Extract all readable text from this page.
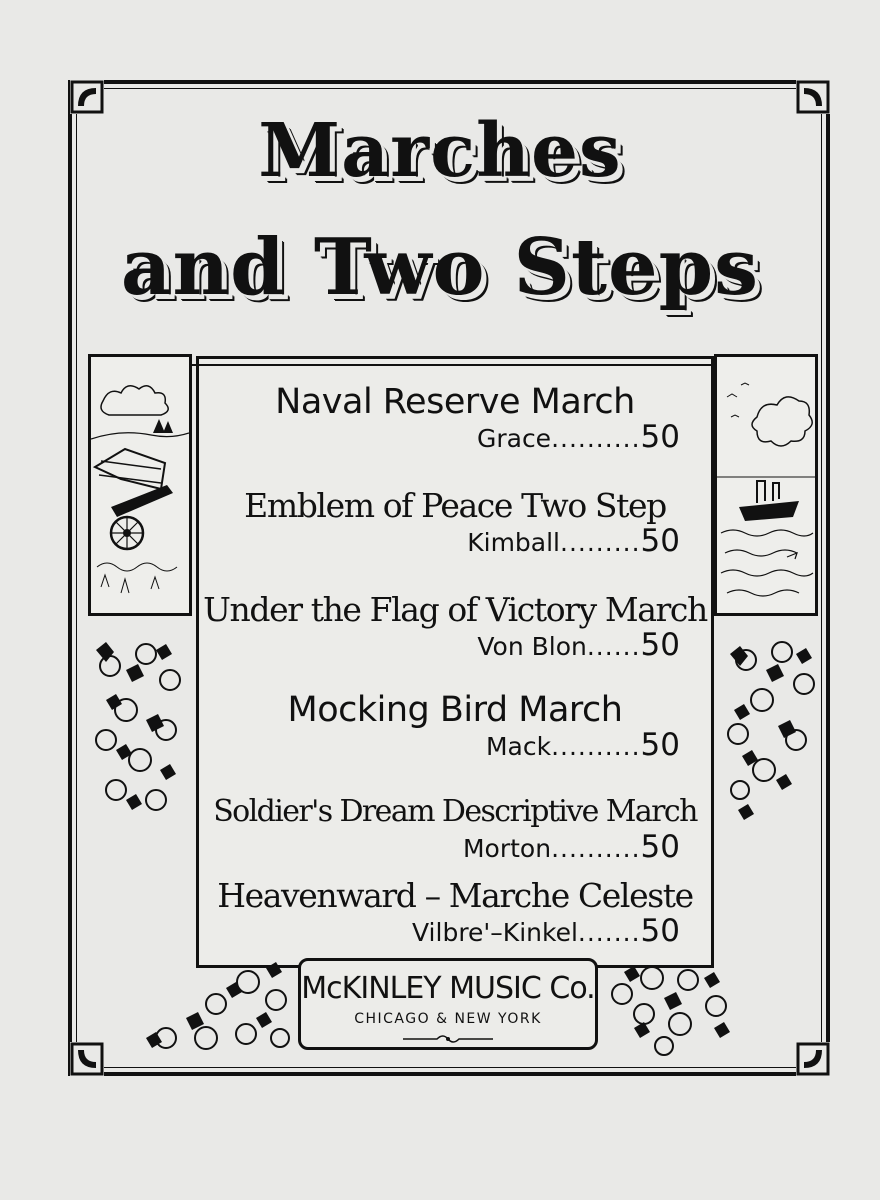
Marches
and Two Steps
Naval Reserve March
Grace..........50
Emblem of Peace Two Step
Kimball.........50
Under the Flag of Victory March
Von Blon......50
Mocking Bird March
Mack..........50
Soldier's Dream Descriptive March
Morton..........50
Heavenward – Marche Celeste
Vilbre'–Kinkel.......50
McKINLEY MUSIC Co.
CHICAGO & NEW YORK
